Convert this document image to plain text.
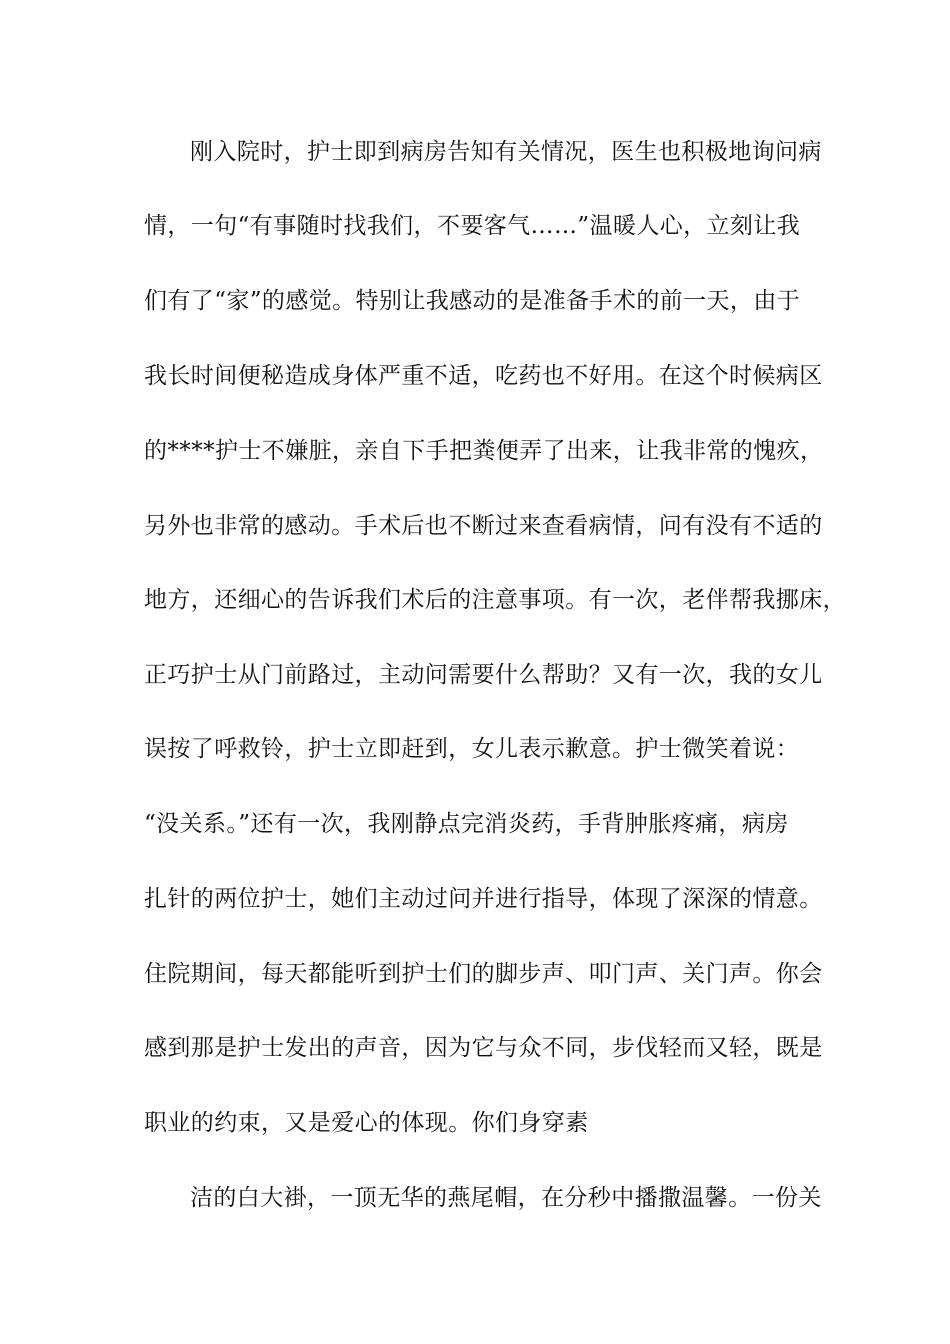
刚入院时，护士即到病房告知有关情况，医生也积极地询问病
情，一句“有事随时找我们，不要客气……”温暖人心，立刻让我
们有了“家”的感觉。特别让我感动的是准备手术的前一天，由于
我长时间便秘造成身体严重不适，吃药也不好用。在这个时候病区
的****护士不嫌脏，亲自下手把粪便弄了出来，让我非常的愧疚，
另外也非常的感动。手术后也不断过来查看病情，问有没有不适的
地方，还细心的告诉我们术后的注意事项。有一次，老伴帮我挪床，
正巧护士从门前路过，主动问需要什么帮助？又有一次，我的女儿
误按了呼救铃，护士立即赶到，女儿表示歉意。护士微笑着说：
“没关系。”还有一次，我刚静点完消炎药，手背肿胀疼痛，病房
扎针的两位护士，她们主动过问并进行指导，体现了深深的情意。
住院期间，每天都能听到护士们的脚步声、叩门声、关门声。你会
感到那是护士发出的声音，因为它与众不同，步伐轻而又轻，既是
职业的约束，又是爱心的体现。你们身穿素
洁的白大褂，一顶无华的燕尾帽，在分秒中播撒温馨。一份关
